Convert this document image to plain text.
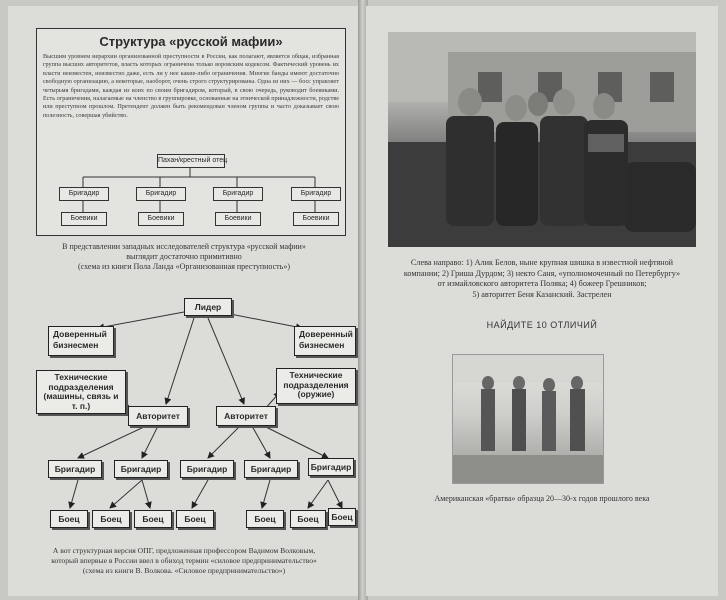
Структура «русской мафии»
Высшим уровнем иерархии организованной преступности в России, как полагают, является общак, избранная группа высших авторитетов, власть которых ограничена только воровским кодексом. Фактический уровень их власти неизвестен, неизвестно даже, есть ли у нее какие-либо ограничения. Многие банды имеют достаточно свободную организацию, а некоторые, наоборот, очень строго структурированы. Одна из них — босс управляет четырьмя бригадами, каждая из коих по своим бригадиром, который, в свою очередь, руководит боевиками. Есть ограничения, налагаемые на членство в группировке, основанные на этнической принадлежности, родстве или преступном прошлом. Претендент должен быть рекомендован членом группы и часто доказывает свою полезность, совершая убийство.
Пахан/крестный отец
Бригадир	Бригадир	Бригадир	Бригадир
Боевики	Боевики	Боевики	Боевики
В представлении западных исследователей структура «русской мафии»
выглядит достаточно примитивно
(схема из книги Пола Ланда «Организованная преступность»)
Лидер
Доверенный бизнесмен
Доверенный бизнесмен
Технические подразделения (машины, связь и т. п.)
Технические подразделения (оружие)
Авторитет	Авторитет
Бригадир	Бригадир	Бригадир	Бригадир	Бригадир
Боец	Боец	Боец	Боец	Боец	Боец	Боец
А вот структурная версия ОПГ, предложенная профессором Вадимом Волковым,
который впервые в России ввел в обиход термин «силовое предпринимательство»
(схема из книги В. Волкова. «Силовое предпринимательство»)
Слева направо: 1) Алик Белов, ныне крупная шишка в известной нефтяной
компании; 2) Гриша Дурдом; 3) некто Саня, «уполномоченный по Петербургу»
от измайловского авторитета Поляка; 4) божеер Грешников;
5) авторитет Беня Казанский. Застрелен
НАЙДИТЕ 10 ОТЛИЧИЙ
Американская «братва» образца 20—30-х годов прошлого века
